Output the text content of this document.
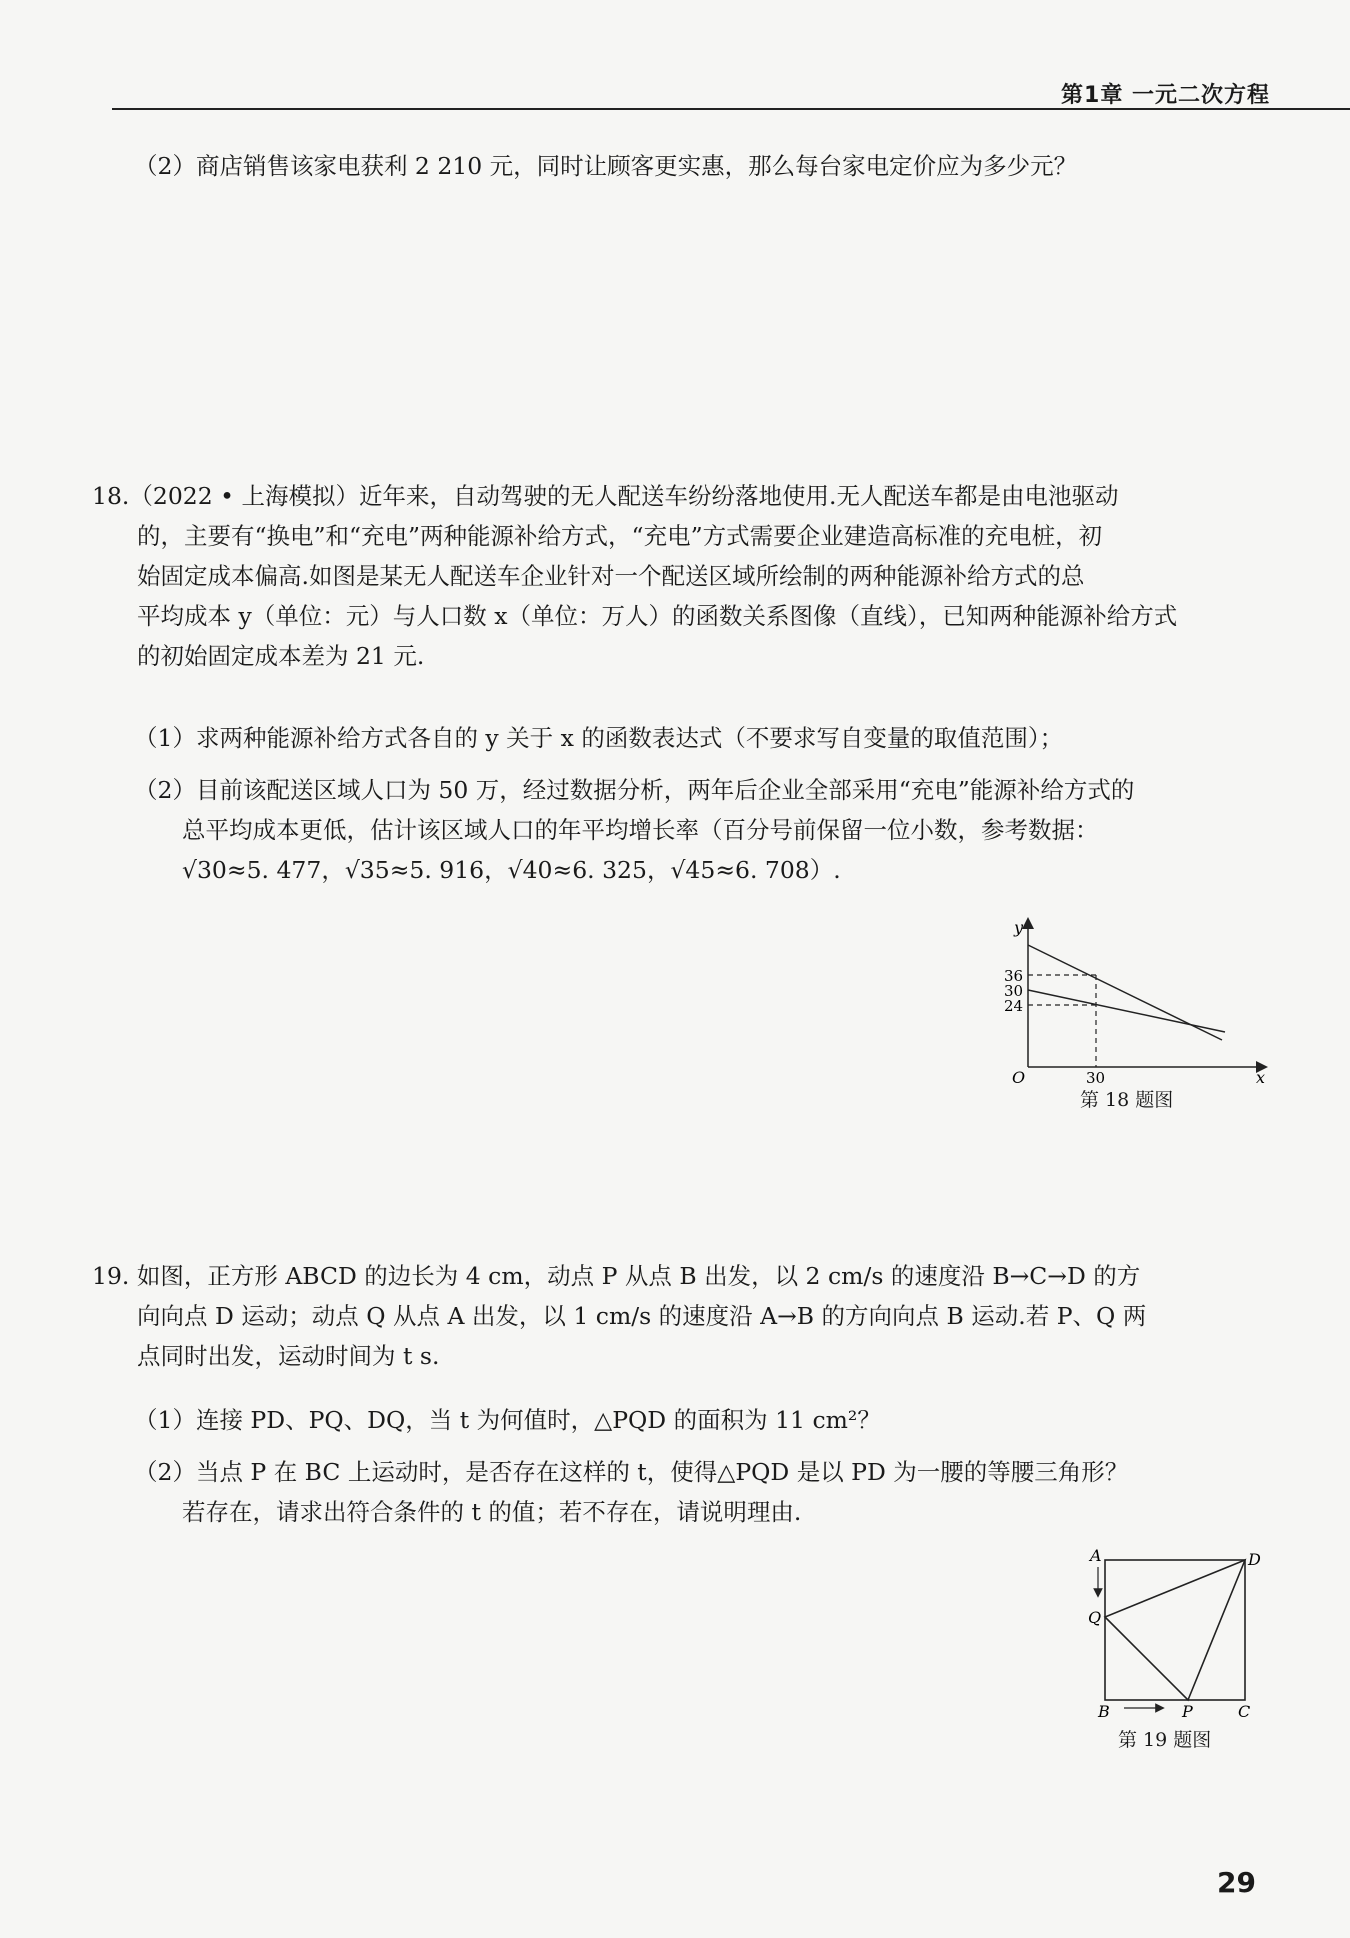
第1章 一元二次方程
（2）商店销售该家电获利 2 210 元，同时让顾客更实惠，那么每台家电定价应为多少元？
18.（2022 • 上海模拟）近年来，自动驾驶的无人配送车纷纷落地使用.无人配送车都是由电池驱动
的，主要有“换电”和“充电”两种能源补给方式，“充电”方式需要企业建造高标准的充电桩，初
始固定成本偏高.如图是某无人配送车企业针对一个配送区域所绘制的两种能源补给方式的总
平均成本 y（单位：元）与人口数 x（单位：万人）的函数关系图像（直线），已知两种能源补给方式
的初始固定成本差为 21 元.
（1）求两种能源补给方式各自的 y 关于 x 的函数表达式（不要求写自变量的取值范围）；
（2）目前该配送区域人口为 50 万，经过数据分析，两年后企业全部采用“充电”能源补给方式的
总平均成本更低，估计该区域人口的年平均增长率（百分号前保留一位小数，参考数据：
√30≈5. 477，√35≈5. 916，√40≈6. 325，√45≈6. 708）.
y
x
O
36
30
24
30
第 18 题图
19. 如图，正方形 ABCD 的边长为 4 cm，动点 P 从点 B 出发，以 2 cm/s 的速度沿 B→C→D 的方
向向点 D 运动；动点 Q 从点 A 出发，以 1 cm/s 的速度沿 A→B 的方向向点 B 运动.若 P、Q 两
点同时出发，运动时间为 t s.
（1）连接 PD、PQ、DQ，当 t 为何值时，△PQD 的面积为 11 cm²？
（2）当点 P 在 BC 上运动时，是否存在这样的 t，使得△PQD 是以 PD 为一腰的等腰三角形？
若存在，请求出符合条件的 t 的值；若不存在，请说明理由.
A	D
Q
B	P	C
第 19 题图
29
